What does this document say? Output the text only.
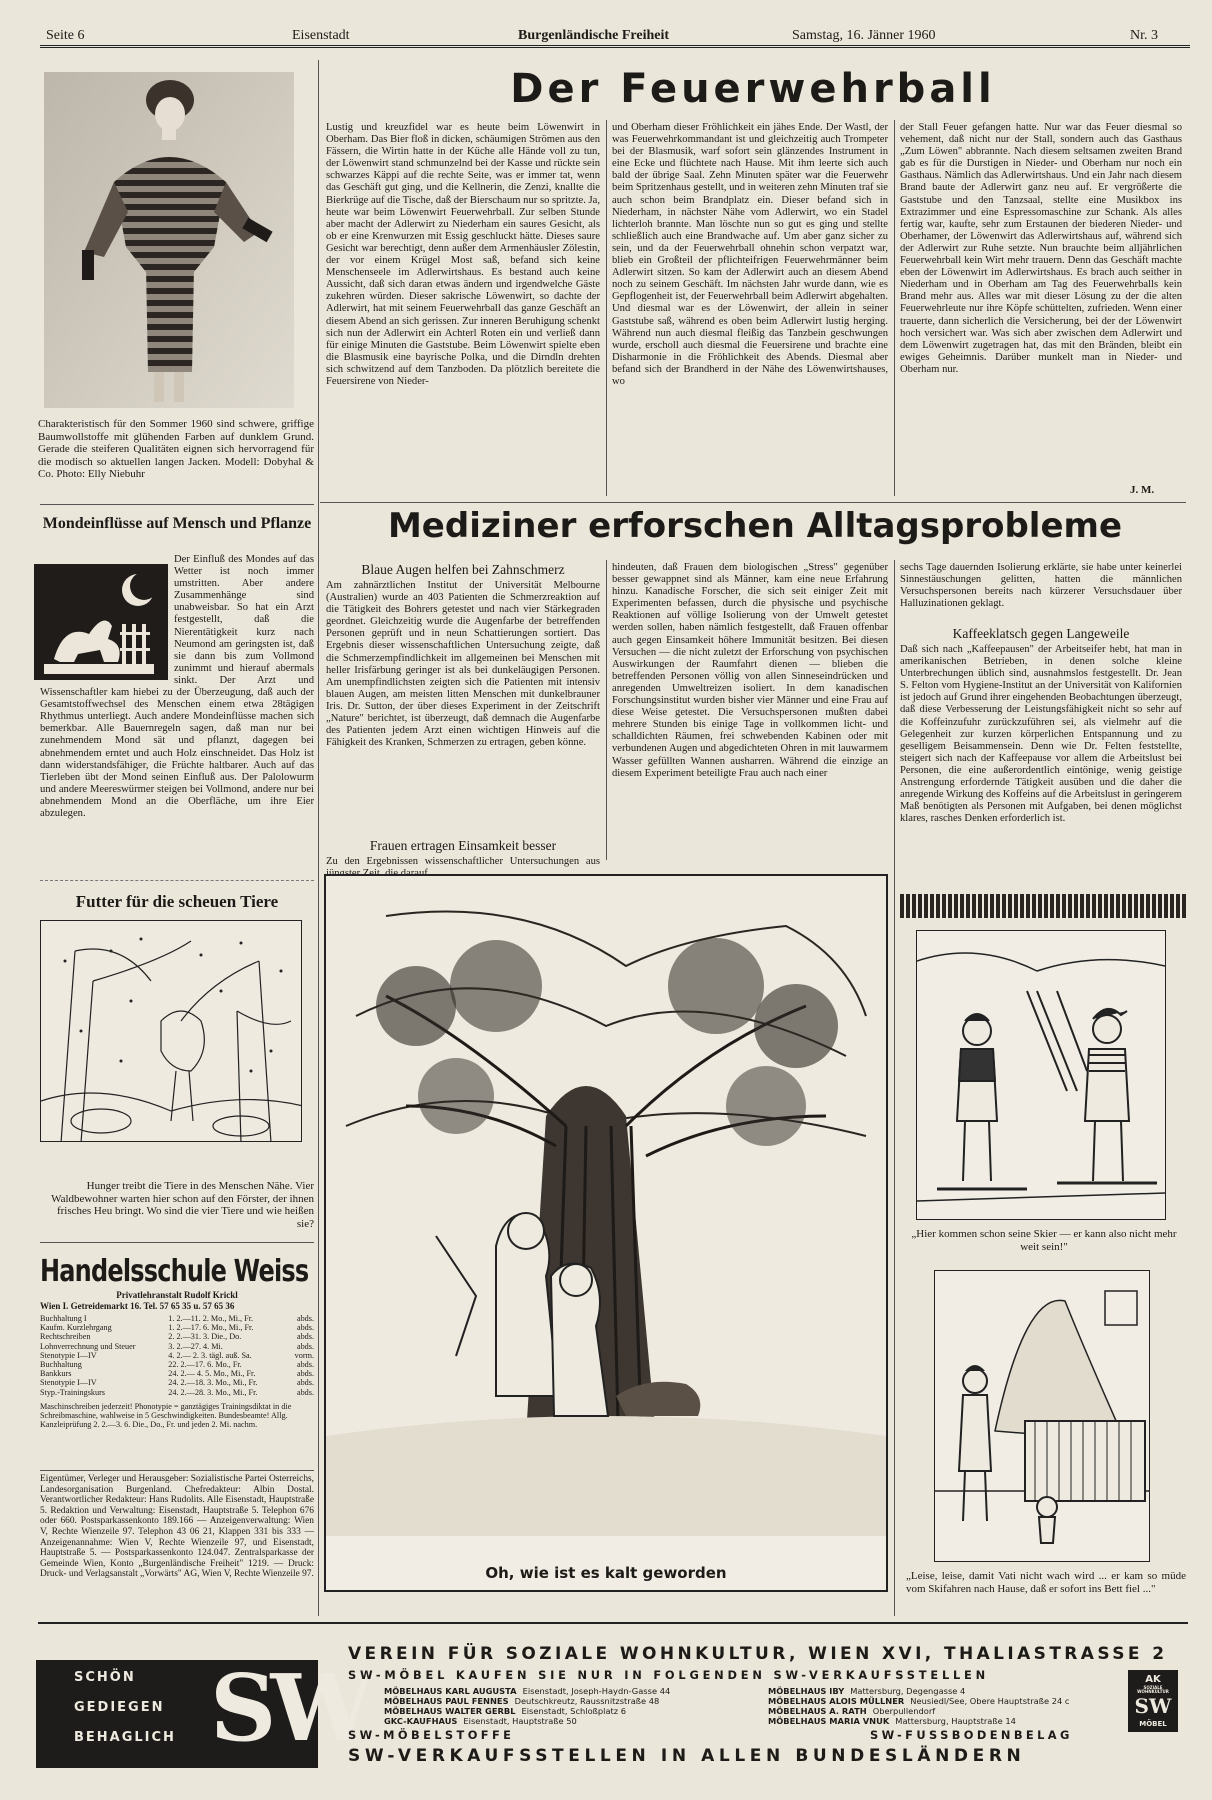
Seite 6	Eisenstadt	Burgenländische Freiheit	Samstag, 16. Jänner 1960	Nr. 3
Charakteristisch für den Sommer 1960 sind schwere, griffige Baumwollstoffe mit glühenden Farben auf dunklem Grund. Gerade die steiferen Qualitäten eignen sich hervorragend für die modisch so aktuellen langen Jacken. Modell: Dobyhal & Co. Photo: Elly Niebuhr
Der Feuerwehrball
Lustig und kreuzfidel war es heute beim Löwenwirt in Oberham. Das Bier floß in dicken, schäumigen Strömen aus den Fässern, die Wirtin hatte in der Küche alle Hände voll zu tun, der Löwenwirt stand schmunzelnd bei der Kasse und rückte sein schwarzes Käppi auf die rechte Seite, was er immer tat, wenn das Geschäft gut ging, und die Kellnerin, die Zenzi, knallte die Bierkrüge auf die Tische, daß der Bierschaum nur so spritzte. Ja, heute war beim Löwenwirt Feuerwehrball. Zur selben Stunde aber macht der Adlerwirt zu Niederham ein saures Gesicht, als ob er eine Krenwurzen mit Essig geschluckt hätte. Dieses saure Gesicht war berechtigt, denn außer dem Armenhäusler Zölestin, der vor einem Krügel Most saß, befand sich keine Menschenseele im Adlerwirtshaus. Es bestand auch keine Aussicht, daß sich daran etwas ändern und irgendwelche Gäste zukehren würden. Dieser sakrische Löwenwirt, so dachte der Adlerwirt, hat mit seinem Feuerwehrball das ganze Geschäft an diesem Abend an sich gerissen. Zur inneren Beruhigung schenkt sich nun der Adlerwirt ein Achterl Roten ein und verließ dann für einige Minuten die Gaststube. Beim Löwenwirt spielte eben die Blasmusik eine bayrische Polka, und die Dirndln drehten sich schwitzend auf dem Tanzboden. Da plötzlich bereitete die Feuersirene von Nieder-
und Oberham dieser Fröhlichkeit ein jähes Ende. Der Wastl, der was Feuerwehrkommandant ist und gleichzeitig auch Trompeter bei der Blasmusik, warf sofort sein glänzendes Instrument in eine Ecke und flüchtete nach Hause. Mit ihm leerte sich auch bald der übrige Saal. Zehn Minuten später war die Feuerwehr beim Spritzenhaus gestellt, und in weiteren zehn Minuten traf sie auch schon beim Brandplatz ein. Dieser befand sich in Niederham, in nächster Nähe vom Adlerwirt, wo ein Stadel lichterloh brannte. Man löschte nun so gut es ging und stellte schließlich auch eine Brandwache auf. Um aber ganz sicher zu sein, und da der Feuerwehrball ohnehin schon verpatzt war, blieb ein Großteil der pflichteifrigen Feuerwehrmänner beim Adlerwirt sitzen. So kam der Adlerwirt auch an diesem Abend noch zu seinem Geschäft. Im nächsten Jahr wurde dann, wie es Gepflogenheit ist, der Feuerwehrball beim Adlerwirt abgehalten. Und diesmal war es der Löwenwirt, der allein in seiner Gaststube saß, während es oben beim Adlerwirt lustig herging. Während nun auch diesmal fleißig das Tanzbein geschwungen wurde, erscholl auch diesmal die Feuersirene und brachte eine Disharmonie in die Fröhlichkeit des Abends. Diesmal aber befand sich der Brandherd in der Nähe des Löwenwirtshauses, wo
der Stall Feuer gefangen hatte. Nur war das Feuer diesmal so vehement, daß nicht nur der Stall, sondern auch das Gasthaus „Zum Löwen" abbrannte. Nach diesem seltsamen zweiten Brand gab es für die Durstigen in Nieder- und Oberham nur noch ein Gasthaus. Nämlich das Adlerwirtshaus. Und ein Jahr nach diesem Brand baute der Adlerwirt ganz neu auf. Er vergrößerte die Gaststube und den Tanzsaal, stellte eine Musikbox ins Extrazimmer und eine Espressomaschine zur Schank. Als alles fertig war, kaufte, sehr zum Erstaunen der biederen Nieder- und Oberhamer, der Löwenwirt das Adlerwirtshaus auf, während sich der Adlerwirt zur Ruhe setzte. Nun brauchte beim alljährlichen Feuerwehrball kein Wirt mehr trauern. Denn das Geschäft machte eben der Löwenwirt im Adlerwirtshaus. Es brach auch seither in Niederham und in Oberham am Tag des Feuerwehrballs kein Brand mehr aus. Alles war mit dieser Lösung zu der die alten Feuerwehrleute nur ihre Köpfe schüttelten, zufrieden. Wenn einer trauerte, dann sicherlich die Versicherung, bei der der Löwenwirt hoch versichert war. Was sich aber zwischen dem Adlerwirt und dem Löwenwirt zugetragen hat, das mit den Bränden, bleibt ein ewiges Geheimnis. Darüber munkelt man in Nieder- und Oberham nur.
J. M.
Mondeinflüsse auf Mensch und Pflanze
Der Einfluß des Mondes auf das Wetter ist noch immer umstritten. Aber andere Zusammenhänge sind unabweisbar. So hat ein Arzt festgestellt, daß die Nierentätigkeit kurz nach Neumond am geringsten ist, daß sie dann bis zum Vollmond zunimmt und hierauf abermals sinkt. Der Arzt und Wissenschaftler kam hiebei zu der Überzeugung, daß auch der Gesamtstoffwechsel des Menschen einem etwa 28tägigen Rhythmus unterliegt. Auch andere Mondeinflüsse machen sich bemerkbar. Alle Bauernregeln sagen, daß man nur bei zunehmendem Mond sät und pflanzt, dagegen bei abnehmendem erntet und auch Holz einschneidet. Das Holz ist dann widerstandsfähiger, die Früchte haltbarer. Auch auf das Tierleben übt der Mond seinen Einfluß aus. Der Palolowurm und andere Meereswürmer steigen bei Vollmond, andere nur bei abnehmendem Mond an die Oberfläche, um ihre Eier abzulegen.
Futter für die scheuen Tiere
Hunger treibt die Tiere in des Menschen Nähe. Vier Waldbewohner warten hier schon auf den Förster, der ihnen frisches Heu bringt. Wo sind die vier Tiere und wie heißen sie?
Handelsschule Weiss
Privatlehranstalt Rudolf Krickl
Wien I. Getreidemarkt 16. Tel. 57 65 35 u. 57 65 36
Buchhaltung I	1. 2.—11. 2. Mo., Mi., Fr.	abds.
Kaufm. Kurzlehrgang	1. 2.—17. 6. Mo., Mi., Fr.	abds.
Rechtschreiben	2. 2.—31. 3. Die., Do.	abds.
Lohnverrechnung und Steuer	3. 2.—27. 4. Mi.	abds.
Stenotypie I—IV	4. 2.— 2. 3. tägl. auß. Sa.	vorm.
Buchhaltung	22. 2.—17. 6. Mo., Fr.	abds.
Bankkurs	24. 2.— 4. 5. Mo., Mi., Fr.	abds.
Stenotypie I—IV	24. 2.—18. 3. Mo., Mi., Fr.	abds.
Styp.-Trainingskurs	24. 2.—28. 3. Mo., Mi., Fr.	abds.
Maschinschreiben jederzeit! Phonotypie = ganztägiges Trainingsdiktat in die Schreibmaschine, wahlweise in 5 Geschwindigkeiten. Bundesbeamte! Allg. Kanzleiprüfung 2. 2.—3. 6. Die., Do., Fr. und jeden 2. Mi. nachm.
Eigentümer, Verleger und Herausgeber: Sozialistische Partei Österreichs, Landesorganisation Burgenland. Chefredakteur: Albin Dostal. Verantwortlicher Redakteur: Hans Rudolits. Alle Eisenstadt, Hauptstraße 5. Redaktion und Verwaltung: Eisenstadt, Hauptstraße 5. Telephon 676 oder 660. Postsparkassenkonto 189.166 — Anzeigenverwaltung: Wien V, Rechte Wienzeile 97. Telephon 43 06 21, Klappen 331 bis 333 — Anzeigenannahme: Wien V, Rechte Wienzeile 97, und Eisenstadt, Hauptstraße 5. — Postsparkassenkonto 124.047. Zentralsparkasse der Gemeinde Wien, Konto „Burgenländische Freiheit" 1219. — Druck: Druck- und Verlagsanstalt „Vorwärts" AG, Wien V, Rechte Wienzeile 97.
Mediziner erforschen Alltagsprobleme
Blaue Augen helfen bei Zahnschmerz
Am zahnärztlichen Institut der Universität Melbourne (Australien) wurde an 403 Patienten die Schmerzreaktion auf die Tätigkeit des Bohrers getestet und nach vier Stärkegraden geordnet. Gleichzeitig wurde die Augenfarbe der betreffenden Personen geprüft und in neun Schattierungen sortiert. Das Ergebnis dieser wissenschaftlichen Untersuchung zeigte, daß die Schmerzempfindlichkeit im allgemeinen bei Menschen mit heller Irisfärbung geringer ist als bei dunkeläugigen Personen. Am unempfindlichsten zeigten sich die Patienten mit intensiv blauen Augen, am meisten litten Menschen mit dunkelbrauner Iris. Dr. Sutton, der über dieses Experiment in der Zeitschrift „Nature" berichtet, ist überzeugt, daß demnach die Augenfarbe des Patienten jedem Arzt einen wichtigen Hinweis auf die Fähigkeit des Kranken, Schmerzen zu ertragen, geben könne.
Frauen ertragen Einsamkeit besser
Zu den Ergebnissen wissenschaftlicher Untersuchungen aus
hindeuten, daß Frauen dem biologischen „Stress" gegenüber besser gewappnet sind als Männer, kam eine neue Erfahrung hinzu. Kanadische Forscher, die sich seit einiger Zeit mit Experimenten befassen, durch die physische und psychische Reaktionen auf völlige Isolierung von der Umwelt getestet werden sollen, haben nämlich festgestellt, daß Frauen offenbar auch gegen Einsamkeit höhere Immunität besitzen. Bei diesen Versuchen — die nicht zuletzt der Erforschung von psychischen Auswirkungen der Raumfahrt dienen — blieben die betreffenden Personen völlig von allen Sinneseindrücken und anregenden Umweltreizen isoliert. In dem kanadischen Forschungsinstitut wurden bisher vier Männer und eine Frau auf diese Weise getestet. Die Versuchspersonen mußten dabei mehrere Stunden bis einige Tage in vollkommen licht- und schalldichten Räumen, frei schwebenden Kabinen oder mit verbundenen Augen und abgedichteten Ohren in mit lauwarmem Wasser gefüllten Wannen ausharren. Während die einzige an diesem Experiment beteiligte Frau auch nach einer
sechs Tage dauernden Isolierung erklärte, sie habe unter keinerlei Sinnestäuschungen gelitten, hatten die männlichen Versuchspersonen bereits nach kürzerer Versuchsdauer über Halluzinationen geklagt.
Kaffeeklatsch gegen Langeweile
Daß sich nach „Kaffeepausen" der Arbeitseifer hebt, hat man in amerikanischen Betrieben, in denen solche kleine Unterbrechungen üblich sind, ausnahmslos festgestellt. Dr. Jean S. Felton vom Hygiene-Institut an der Universität von Kalifornien ist jedoch auf Grund ihrer eingehenden Beobachtungen überzeugt, daß diese Verbesserung der Leistungsfähigkeit nicht so sehr auf die Koffeinzufuhr zurückzuführen sei, als vielmehr auf die Gelegenheit zur kurzen körperlichen Entspannung und zu geselligem Beisammensein. Denn wie Dr. Felten feststellte, steigert sich nach der Kaffeepause vor allem die Arbeitslust bei Personen, die eine außerordentlich eintönige, wenig geistige Anstrengung erfordernde Tätigkeit ausüben und die daher die anregende Wirkung des Koffeins auf die Arbeitslust in geringerem Maß benötigten als Personen mit Aufgaben, bei denen möglichst klares, rasches Denken erforderlich ist.
Oh, wie ist es kalt geworden
„Hier kommen schon seine Skier — er kann also nicht mehr weit sein!"
„Leise, leise, damit Vati nicht wach wird ... er kam so müde vom Skifahren nach Hause, daß er sofort ins Bett fiel ..."
SCHÖN
GEDIEGEN
BEHAGLICH SW
VEREIN FÜR SOZIALE WOHNKULTUR, WIEN XVI, THALIASTRASSE 2
SW-MÖBEL KAUFEN SIE NUR IN FOLGENDEN SW-VERKAUFSSTELLEN
MÖBELHAUS KARL AUGUSTA Eisenstadt, Joseph-Haydn-Gasse 44
MÖBELHAUS PAUL FENNES Deutschkreutz, Raussnitzstraße 48
MÖBELHAUS WALTER GERBL Eisenstadt, Schloßplatz 6
GKC-KAUFHAUS Eisenstadt, Hauptstraße 50
MÖBELHAUS IBY Mattersburg, Degengasse 4
MÖBELHAUS ALOIS MÜLLNER Neusiedl/See, Obere Hauptstraße 24 c
MÖBELHAUS A. RATH Oberpullendorf
MÖBELHAUS MARIA VNUK Mattersburg, Hauptstraße 14
SW-MÖBELSTOFFE	SW-FUSSBODENBELAG
SW-VERKAUFSSTELLEN IN ALLEN BUNDESLÄNDERN
AK
SOZIALE WOHNKULTUR
SW
MÖBEL
